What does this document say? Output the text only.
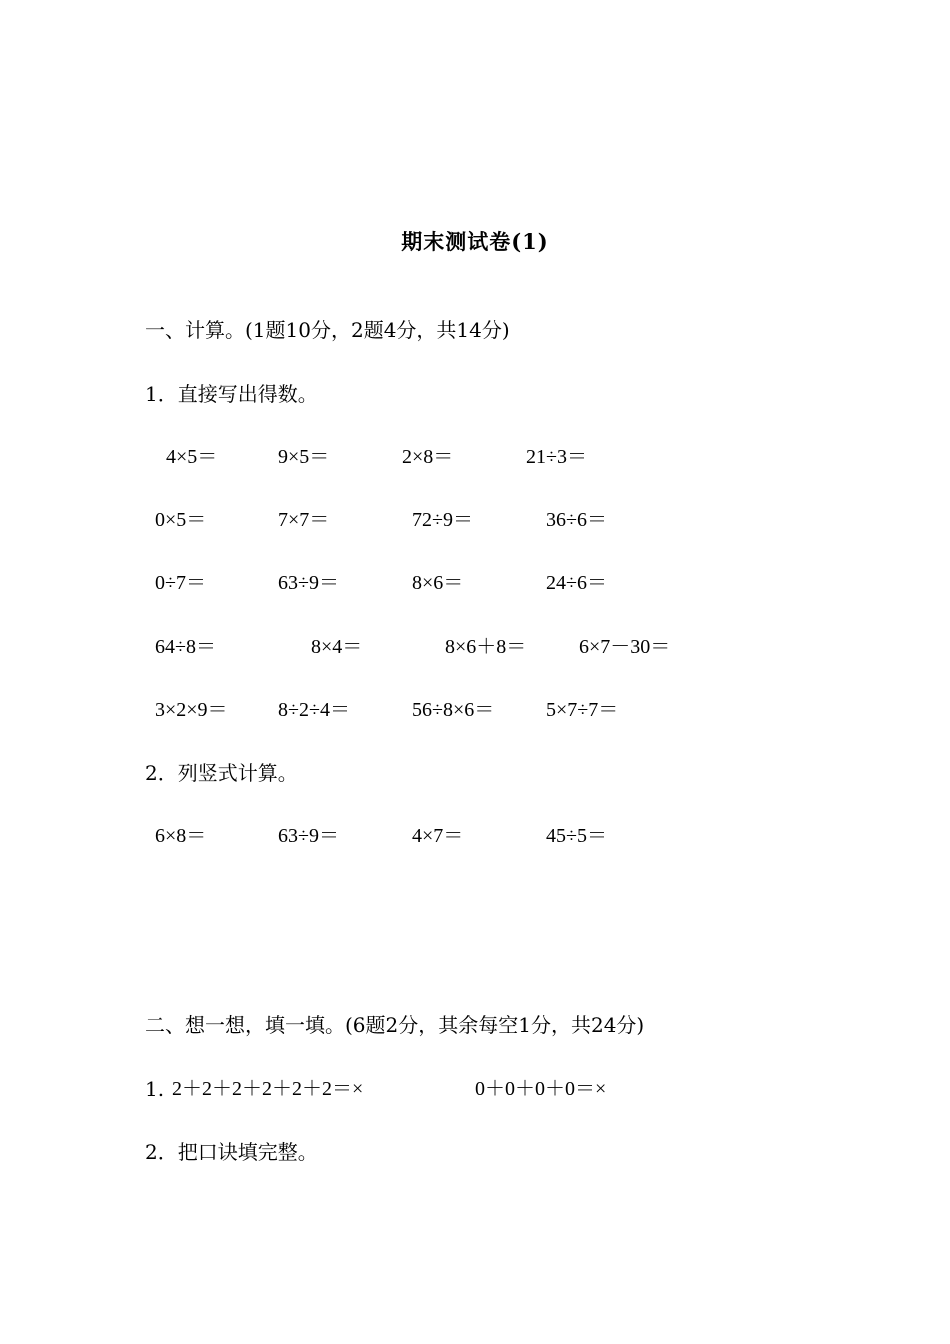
期末测试卷(1)
一、计算。(1题10分，2题4分，共14分)
1．直接写出得数。
4×5＝	9×5＝	2×8＝	21÷3＝
0×5＝	7×7＝	72÷9＝	36÷6＝
0÷7＝	63÷9＝	8×6＝	24÷6＝
64÷8＝	8×4＝	8×6＋8＝	6×7－30＝
3×2×9＝	8÷2÷4＝	56÷8×6＝	5×7÷7＝
2．列竖式计算。
6×8＝	63÷9＝	4×7＝	45÷5＝
二、想一想，填一填。(6题2分，其余每空1分，共24分)
1. 2＋2＋2＋2＋2＋2＝×	0＋0＋0＋0＝×
2．把口诀填完整。
